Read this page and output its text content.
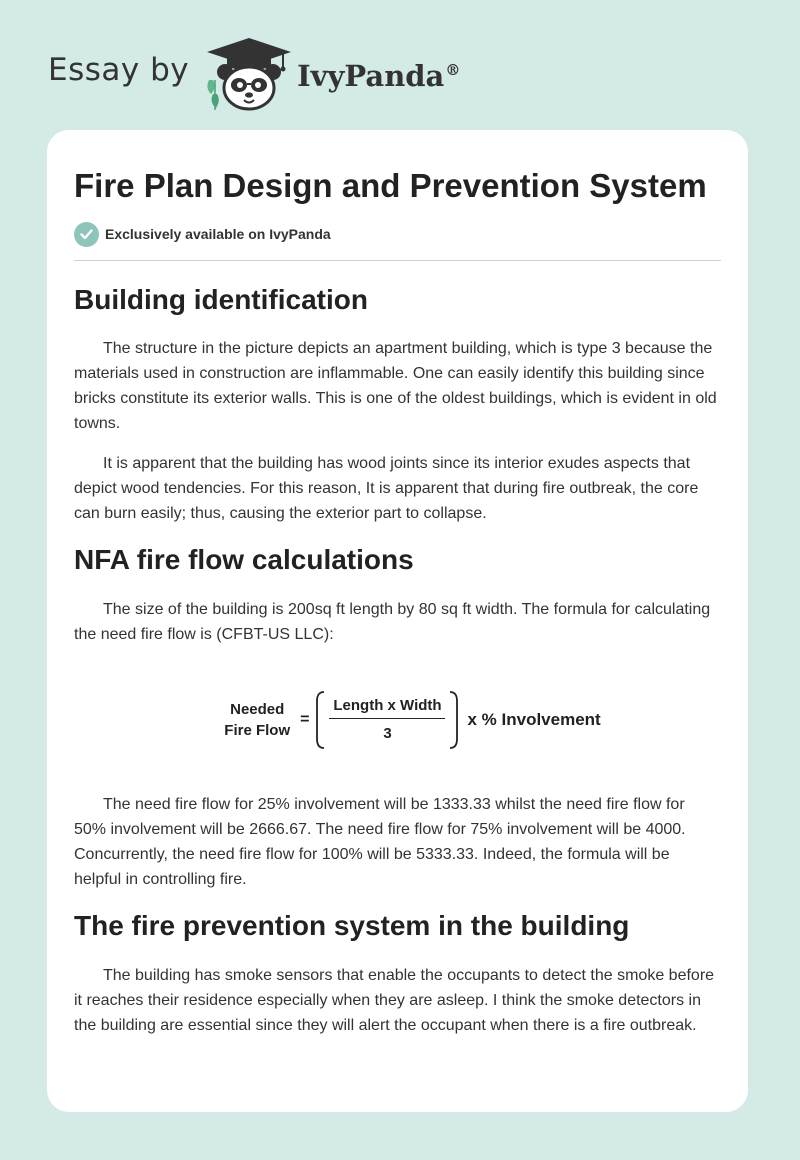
Essay by	IvyPanda®
Fire Plan Design and Prevention System
Exclusively available on IvyPanda
Building identification

The structure in the picture depicts an apartment building, which is type 3 because the materials used in construction are inflammable. One can easily identify this building since bricks constitute its exterior walls. This is one of the oldest buildings, which is evident in old towns.

It is apparent that the building has wood joints since its interior exudes aspects that depict wood tendencies. For this reason, It is apparent that during fire outbreak, the core can burn easily; thus, causing the exterior part to collapse.

NFA fire flow calculations

The size of the building is 200sq ft length by 80 sq ft width. The formula for calculating the need fire flow is (CFBT-US LLC):

Needed
Fire Flow
= $\frac{\text{Length x Width}}{3}$ x % Involvement

The need fire flow for 25% involvement will be 1333.33 whilst the need fire flow for 50% involvement will be 2666.67. The need fire flow for 75% involvement will be 4000. Concurrently, the need fire flow for 100% will be 5333.33. Indeed, the formula will be helpful in controlling fire.

The fire prevention system in the building

The building has smoke sensors that enable the occupants to detect the smoke before it reaches their residence especially when they are asleep. I think the smoke detectors in the building are essential since they will alert the occupant when there is a fire outbreak.
